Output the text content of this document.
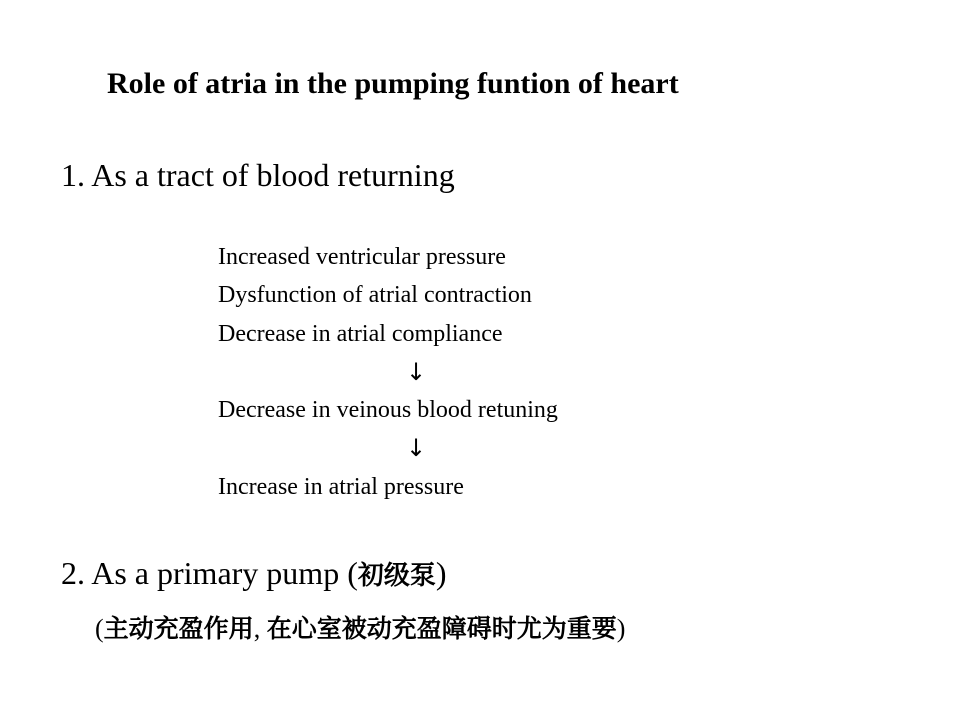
Role of atria in the pumping funtion of heart
1. As a tract of blood returning
Increased ventricular pressure
Dysfunction of atrial contraction
Decrease in atrial compliance
↓
Decrease in veinous blood retuning
↓
Increase in atrial pressure
2. As a primary pump (初级泵)
(主动充盈作用, 在心室被动充盈障碍时尤为重要)
